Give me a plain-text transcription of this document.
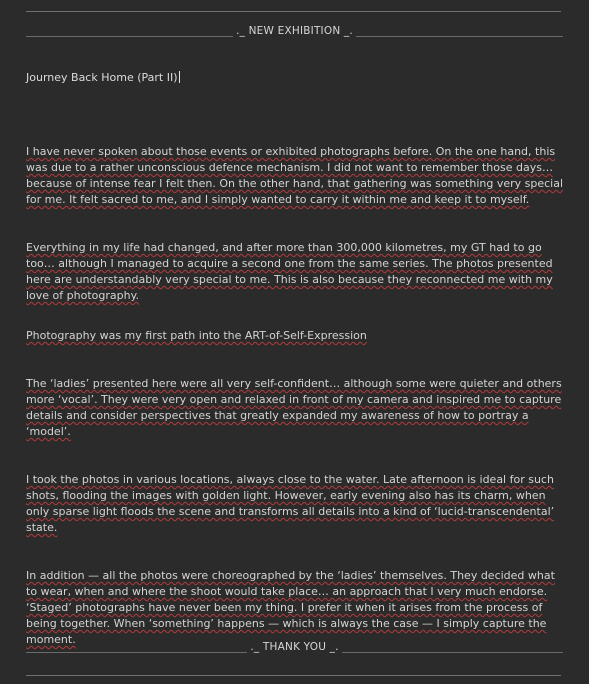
._ NEW EXHIBITION _.
Journey Back Home (Part II)

I have never spoken about those events or exhibited photographs before. On the one hand, this was due to a rather unconscious defence mechanism. I did not want to remember those days… because of intense fear I felt then. On the other hand, that gathering was something very special for me. It felt sacred to me, and I simply wanted to carry it within me and keep it to myself.

Everything in my life had changed, and after more than 300,000 kilometres, my GT had to go too… although I managed to acquire a second one from the same series. The photos presented here are understandably very special to me. This is also because they reconnected me with my love of photography.

Photography was my first path into the ART-of-Self-Expression

The ‘ladies’ presented here were all very self-confident… although some were quieter and others more ‘vocal’. They were very open and relaxed in front of my camera and inspired me to capture details and consider perspectives that greatly expanded my awareness of how to portray a ‘model’.

I took the photos in various locations, always close to the water. Late afternoon is ideal for such shots, flooding the images with golden light. However, early evening also has its charm, when only sparse light floods the scene and transforms all details into a kind of ‘lucid-transcendental’ state.

In addition — all the photos were choreographed by the ‘ladies’ themselves. They decided what to wear, when and where the shoot would take place… an approach that I very much endorse. ‘Staged’ photographs have never been my thing. I prefer it when it arises from the process of being together. When ‘something’ happens — which is always the case — I simply capture the moment.

._ THANK YOU _.
